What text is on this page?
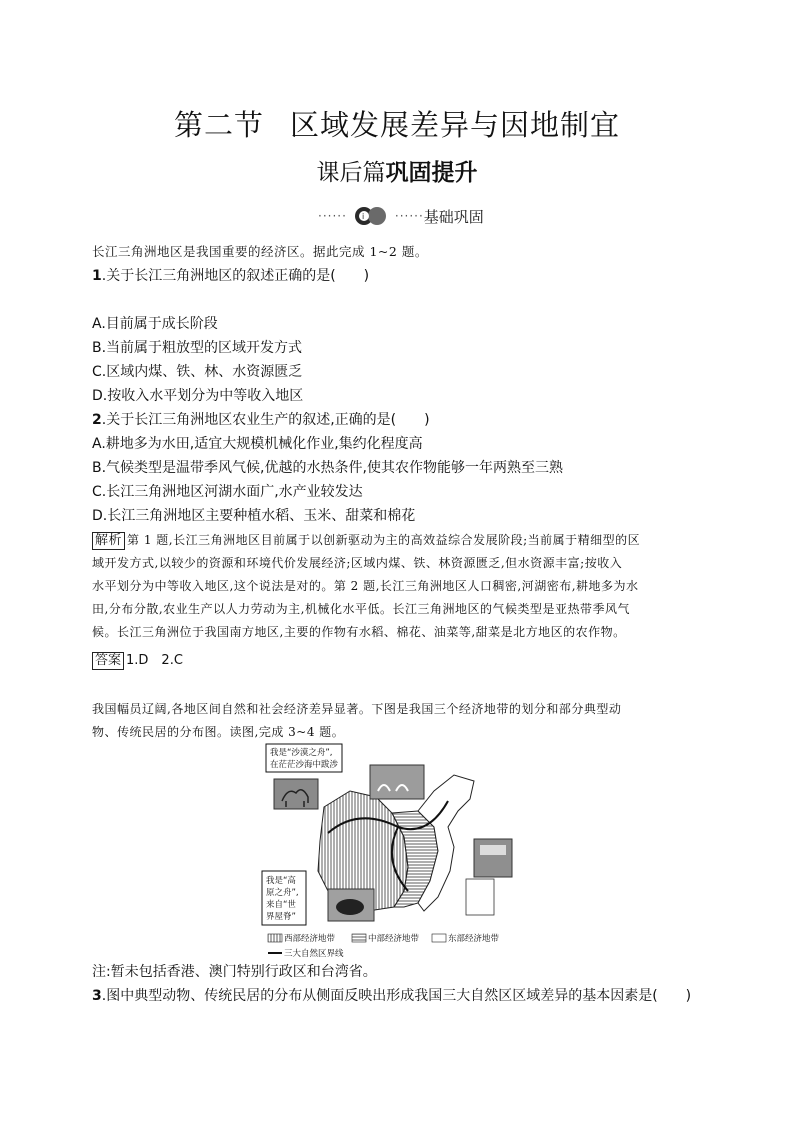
第二节 区域发展差异与因地制宜
课后篇巩固提升
······ i	······ 基础巩固
长江三角洲地区是我国重要的经济区。据此完成 1~2 题。
1.关于长江三角洲地区的叙述正确的是(　　)
A.目前属于成长阶段
B.当前属于粗放型的区域开发方式
C.区域内煤、铁、林、水资源匮乏
D.按收入水平划分为中等收入地区
2.关于长江三角洲地区农业生产的叙述,正确的是(　　)
A.耕地多为水田,适宜大规模机械化作业,集约化程度高
B.气候类型是温带季风气候,优越的水热条件,使其农作物能够一年两熟至三熟
C.长江三角洲地区河湖水面广,水产业较发达
D.长江三角洲地区主要种植水稻、玉米、甜菜和棉花
解析 第 1 题,长江三角洲地区目前属于以创新驱动为主的高效益综合发展阶段;当前属于精细型的区
域开发方式,以较少的资源和环境代价发展经济;区域内煤、铁、林资源匮乏,但水资源丰富;按收入
水平划分为中等收入地区,这个说法是对的。第 2 题,长江三角洲地区人口稠密,河湖密布,耕地多为水
田,分布分散,农业生产以人力劳动为主,机械化水平低。长江三角洲地区的气候类型是亚热带季风气
候。长江三角洲位于我国南方地区,主要的作物有水稻、棉花、油菜等,甜菜是北方地区的农作物。
答案 1.D　2.C
我国幅员辽阔,各地区间自然和社会经济差异显著。下图是我国三个经济地带的划分和部分典型动
物、传统民居的分布图。读图,完成 3~4 题。
我是“沙漠之舟”,
在茫茫沙海中跋涉
我是“高
原之舟”,
来自“世
界屋脊”
西部经济地带	中部经济地带	东部经济地带
三大自然区界线
注:暂未包括香港、澳门特别行政区和台湾省。
3.图中典型动物、传统民居的分布从侧面反映出形成我国三大自然区区域差异的基本因素是(　　)
